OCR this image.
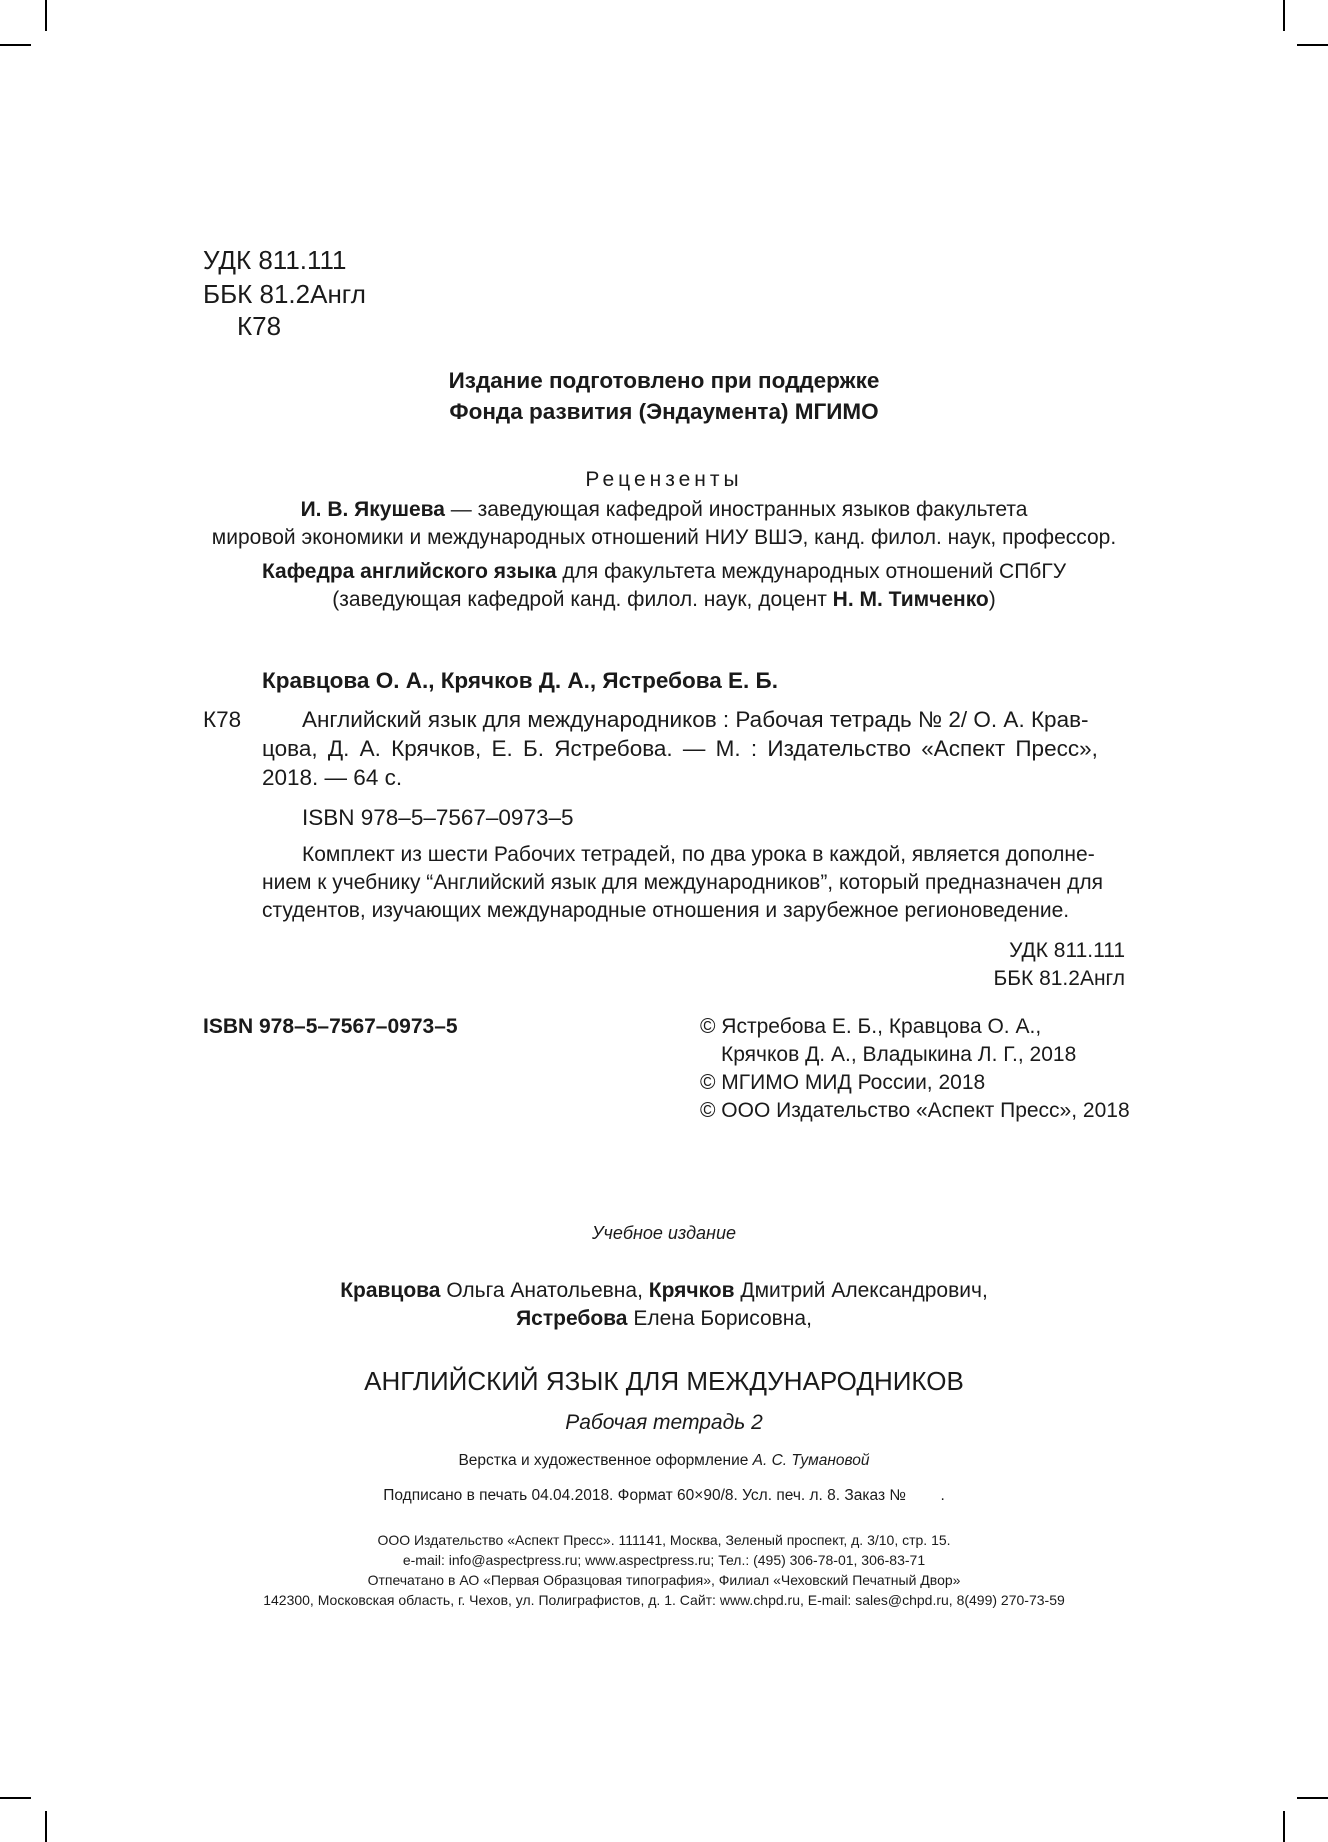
УДК 811.111
ББК 81.2Англ
К78
Издание подготовлено при поддержке
Фонда развития (Эндаумента) МГИМО
Рецензенты
И. В. Якушева — заведующая кафедрой иностранных языков факультета
мировой экономики и международных отношений НИУ ВШЭ, канд. филол. наук, профессор.
Кафедра английского языка для факультета международных отношений СПбГУ
(заведующая кафедрой канд. филол. наук, доцент Н. М. Тимченко)
Кравцова О. А., Крячков Д. А., Ястребова Е. Б.
К78	Английский язык для международников : Рабочая тетрадь № 2/ О. А. Крав-
цова, Д. А. Крячков, Е. Б. Ястребова. — М. : Издательство «Аспект Пресс»,
2018. — 64 с.
ISBN 978–5–7567–0973–5
Комплект из шести Рабочих тетрадей, по два урока в каждой, является дополне-
нием к учебнику “Английский язык для международников”, который предназначен для
студентов, изучающих международные отношения и зарубежное регионоведение.
УДК 811.111
ББК 81.2Англ
ISBN 978–5–7567–0973–5	© Ястребова Е. Б., Кравцова О. А.,
Крячков Д. А., Владыкина Л. Г., 2018
© МГИМО МИД России, 2018
© ООО Издательство «Аспект Пресс», 2018
Учебное издание
Кравцова Ольга Анатольевна, Крячков Дмитрий Александрович,
Ястребова Елена Борисовна,
АНГЛИЙСКИЙ ЯЗЫК ДЛЯ МЕЖДУНАРОДНИКОВ
Рабочая тетрадь 2
Верстка и художественное оформление А. С. Тумановой
Подписано в печать 04.04.2018. Формат 60×90/8. Усл. печ. л. 8. Заказ №        .
ООО Издательство «Аспект Пресс». 111141, Москва, Зеленый проспект, д. 3/10, стр. 15.
e-mail: info@aspectpress.ru; www.aspectpress.ru; Тел.: (495) 306-78-01, 306-83-71
Отпечатано в АО «Первая Образцовая типография», Филиал «Чеховский Печатный Двор»
142300, Московская область, г. Чехов, ул. Полиграфистов, д. 1. Сайт: www.chpd.ru, E-mail: sales@chpd.ru, 8(499) 270-73-59
